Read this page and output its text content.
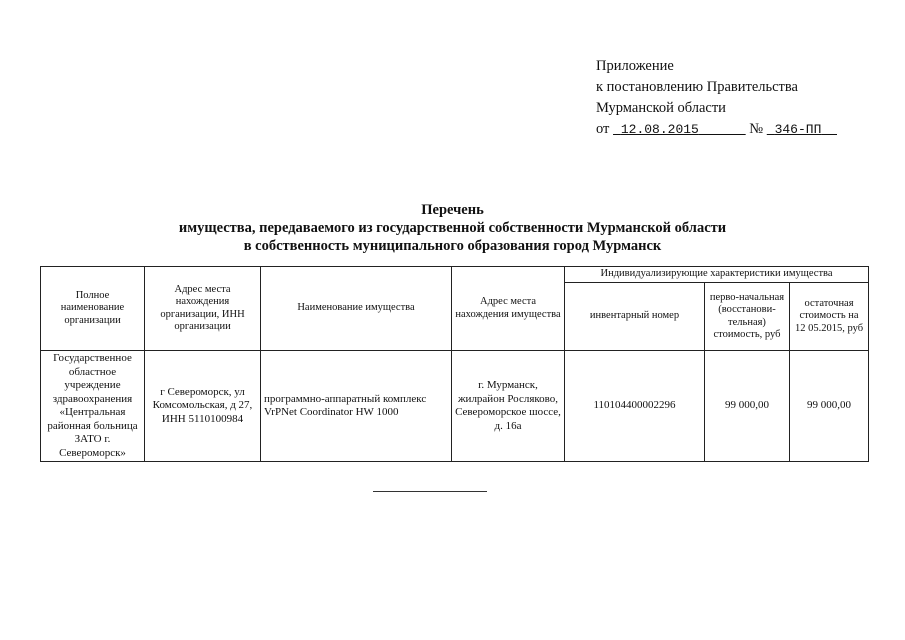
Приложение
к постановлению Правительства
Мурманской области
от 12.08.2015	№ 346-ПП
Перечень
имущества, передаваемого из государственной собственности Мурманской области
в собственность муниципального образования город Мурманск
Полное наименование организации	Адрес места нахождения организации, ИНН организации	Наименование имущества	Адрес места нахождения имущества	Индивидуализирующие характеристики имущества		
				инвентарный номер	перво-начальная (восстанови-тельная) стоимость, руб	остаточная стоимость на 12 05.2015, руб
Государственное областное учреждение здравоохранения «Центральная районная больница ЗАТО г. Североморск»	г Североморск, ул Комсомольская, д 27, ИНН 5110100984	программно-аппаратный комплекс VrPNet Coordinator HW 1000	г. Мурманск, жилрайон Росляково, Североморское шоссе, д. 16а	110104400002296	99 000,00	99 000,00
